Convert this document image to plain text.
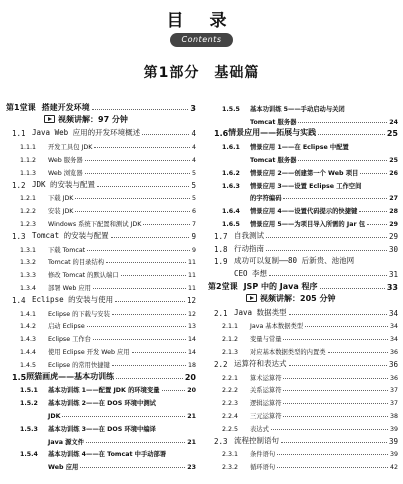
目 录
Contents
第1部分　基础篇
第1堂课 搭建开发环境	3
视频讲解：97 分钟
1.1 Java Web 应用的开发环境概述	4
1.1.1	开发工具包 JDK	4
1.1.2	Web 服务器	4
1.1.3	Web 浏览器	5
1.2 JDK 的安装与配置	5
1.2.1	下载 JDK	5
1.2.2	安装 JDK	6
1.2.3	Windows 系统下配置和测试 JDK	7
1.3 Tomcat 的安装与配置	9
1.3.1	下载 Tomcat	9
1.3.2	Tomcat 的目录结构	11
1.3.3	修改 Tomcat 的默认端口	11
1.3.4	部署 Web 应用	11
1.4 Eclipse 的安装与使用	12
1.4.1	Eclipse 的下载与安装	12
1.4.2	启动 Eclipse	13
1.4.3	Eclipse 工作台	14
1.4.4	使用 Eclipse 开发 Web 应用	14
1.4.5	Eclipse 的常用快捷键	18
1.5 照猫画虎——基本功训练	20
1.5.1	基本功训练 1——配置 JDK 的环境变量	20
1.5.2	基本功训练 2——在 DOS 环境中测试
JDK	21
1.5.3	基本功训练 3——在 DOS 环境中编译
Java 源文件	21
1.5.4	基本功训练 4——在 Tomcat 中手动部署
Web 应用	23
1.5.5	基本功训练 5——手动启动与关闭
Tomcat 服务器	24
1.6 情景应用——拓展与实践	25
1.6.1	情景应用 1——在 Eclipse 中配置
Tomcat 服务器	25
1.6.2	情景应用 2——创建第一个 Web 项目	26
1.6.3	情景应用 3——设置 Eclipse 工作空间
的字符编码	27
1.6.4	情景应用 4——设置代码提示的快捷键	28
1.6.5	情景应用 5——为项目导入所需的 Jar 包	29
1.7 自我测试	29
1.8 行动指南	30
1.9 成功可以复制——80 后新贵、池池网
CEO 李想	31
第2堂课 JSP 中的 Java 程序	33
视频讲解：205 分钟
2.1 Java 数据类型	34
2.1.1	Java 基本数据类型	34
2.1.2	变量与常量	34
2.1.3	对应基本数据类型的内置类	36
2.2 运算符和表达式	36
2.2.1	算术运算符	36
2.2.2	关系运算符	37
2.2.3	逻辑运算符	37
2.2.4	三元运算符	38
2.2.5	表达式	39
2.3 流程控制语句	39
2.3.1	条件语句	39
2.3.2	循环语句	42
